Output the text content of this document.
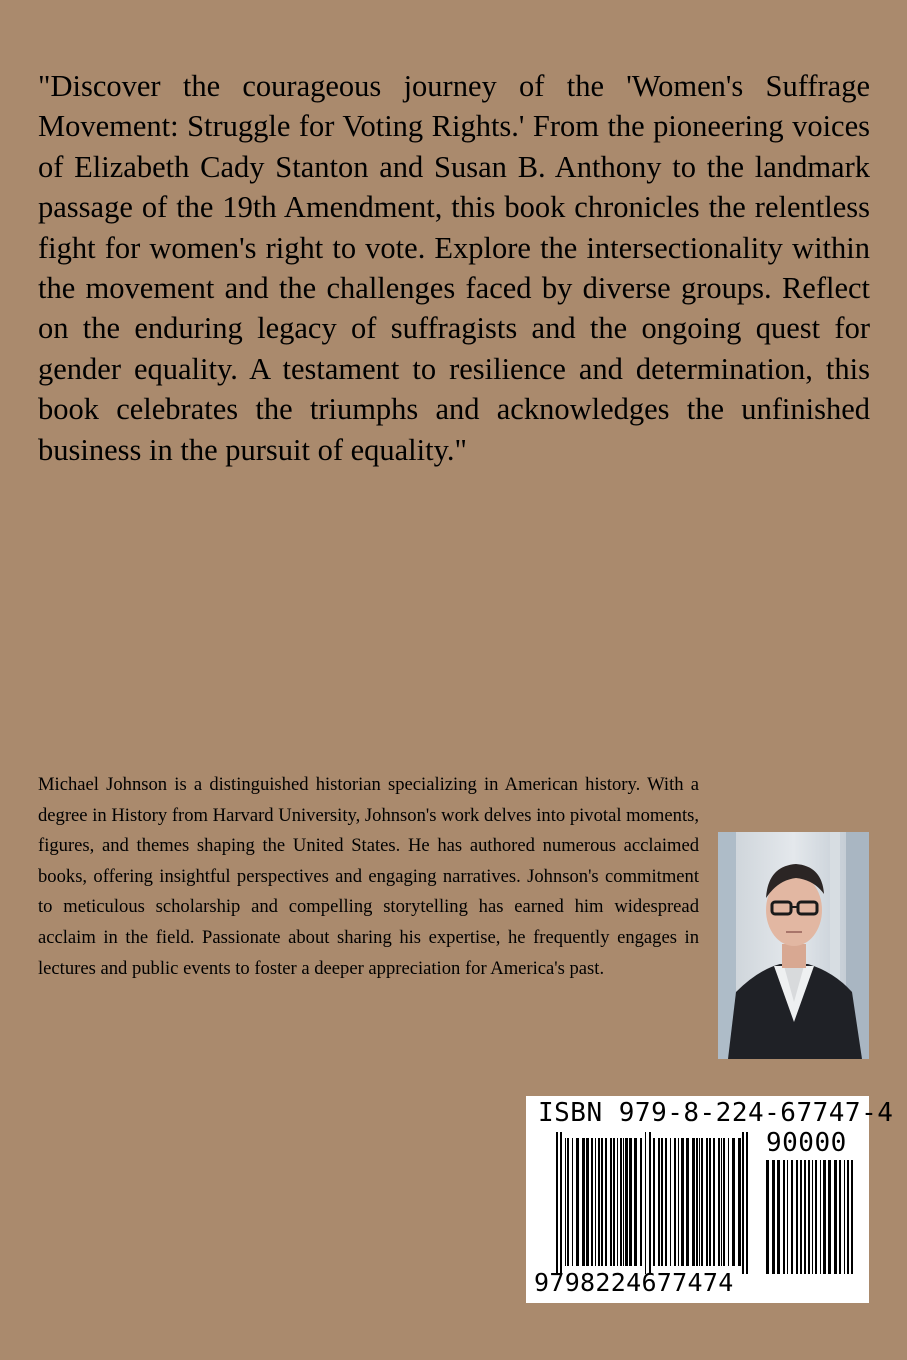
"Discover the courageous journey of the 'Women's Suffrage Movement: Struggle for Voting Rights.' From the pioneering voices of Elizabeth Cady Stanton and Susan B. Anthony to the landmark passage of the 19th Amendment, this book chronicles the relentless fight for women's right to vote. Explore the intersectionality within the movement and the challenges faced by diverse groups. Reflect on the enduring legacy of suffragists and the ongoing quest for gender equality. A testament to resilience and determination, this book celebrates the triumphs and acknowledges the unfinished business in the pursuit of equality."

Michael Johnson is a distinguished historian specializing in American history. With a degree in History from Harvard University, Johnson's work delves into pivotal moments, figures, and themes shaping the United States. He has authored numerous acclaimed books, offering insightful perspectives and engaging narratives. Johnson's commitment to meticulous scholarship and compelling storytelling has earned him widespread acclaim in the field. Passionate about sharing his expertise, he frequently engages in lectures and public events to foster a deeper appreciation for America's past.

ISBN 979-8-224-67747-4
90000
9798224677474
